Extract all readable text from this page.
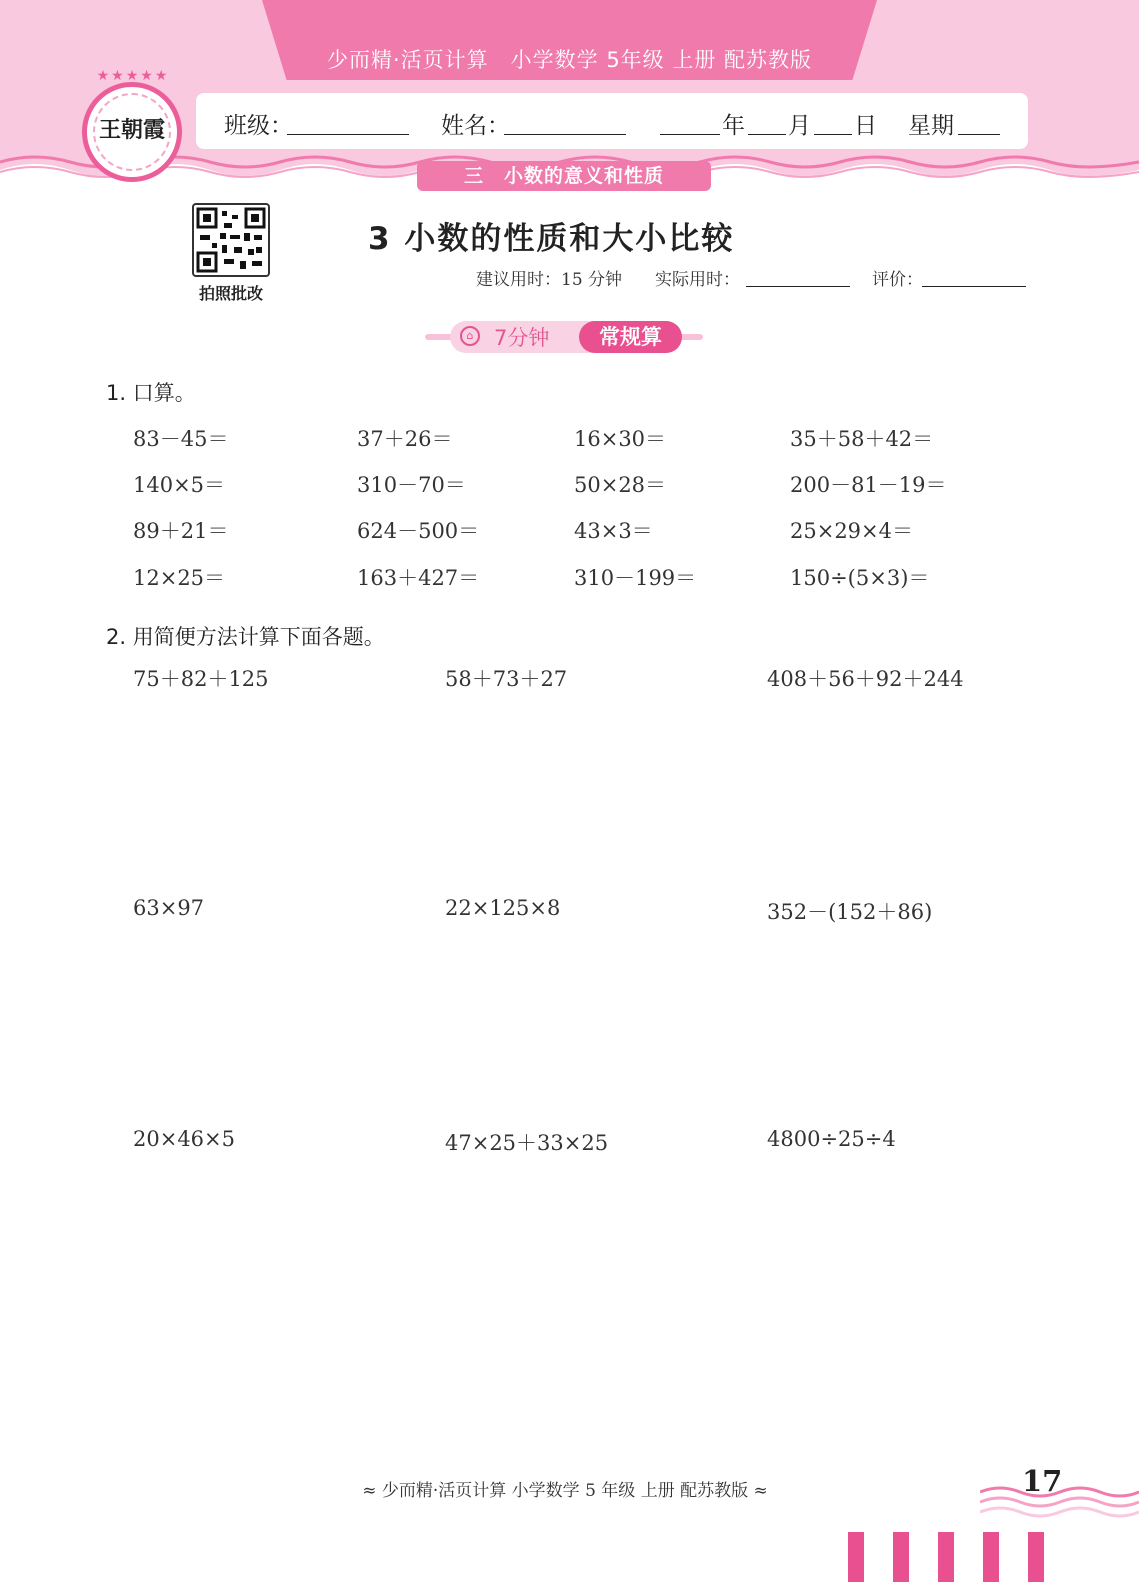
少而精·活页计算　小学数学 5年级 上册 配苏教版
王朝霞
★★★★★
班级：	姓名：	年 月 日 星期
三　小数的意义和性质
拍照批改
3 小数的性质和大小比较
建议用时：15 分钟 实际用时：	评价：
⌂ 7分钟	常规算
1. 口算。
83－45＝	37＋26＝	16×30＝	35＋58＋42＝
140×5＝	310－70＝	50×28＝	200－81－19＝
89＋21＝	624－500＝	43×3＝	25×29×4＝
12×25＝	163＋427＝	310－199＝	150÷(5×3)＝
2. 用简便方法计算下面各题。
75＋82＋125	58＋73＋27	408＋56＋92＋244
63×97	22×125×8	352－(152＋86)
20×46×5	47×25＋33×25	4800÷25÷4
≈ 少而精·活页计算 小学数学 5 年级 上册 配苏教版 ≈	17
